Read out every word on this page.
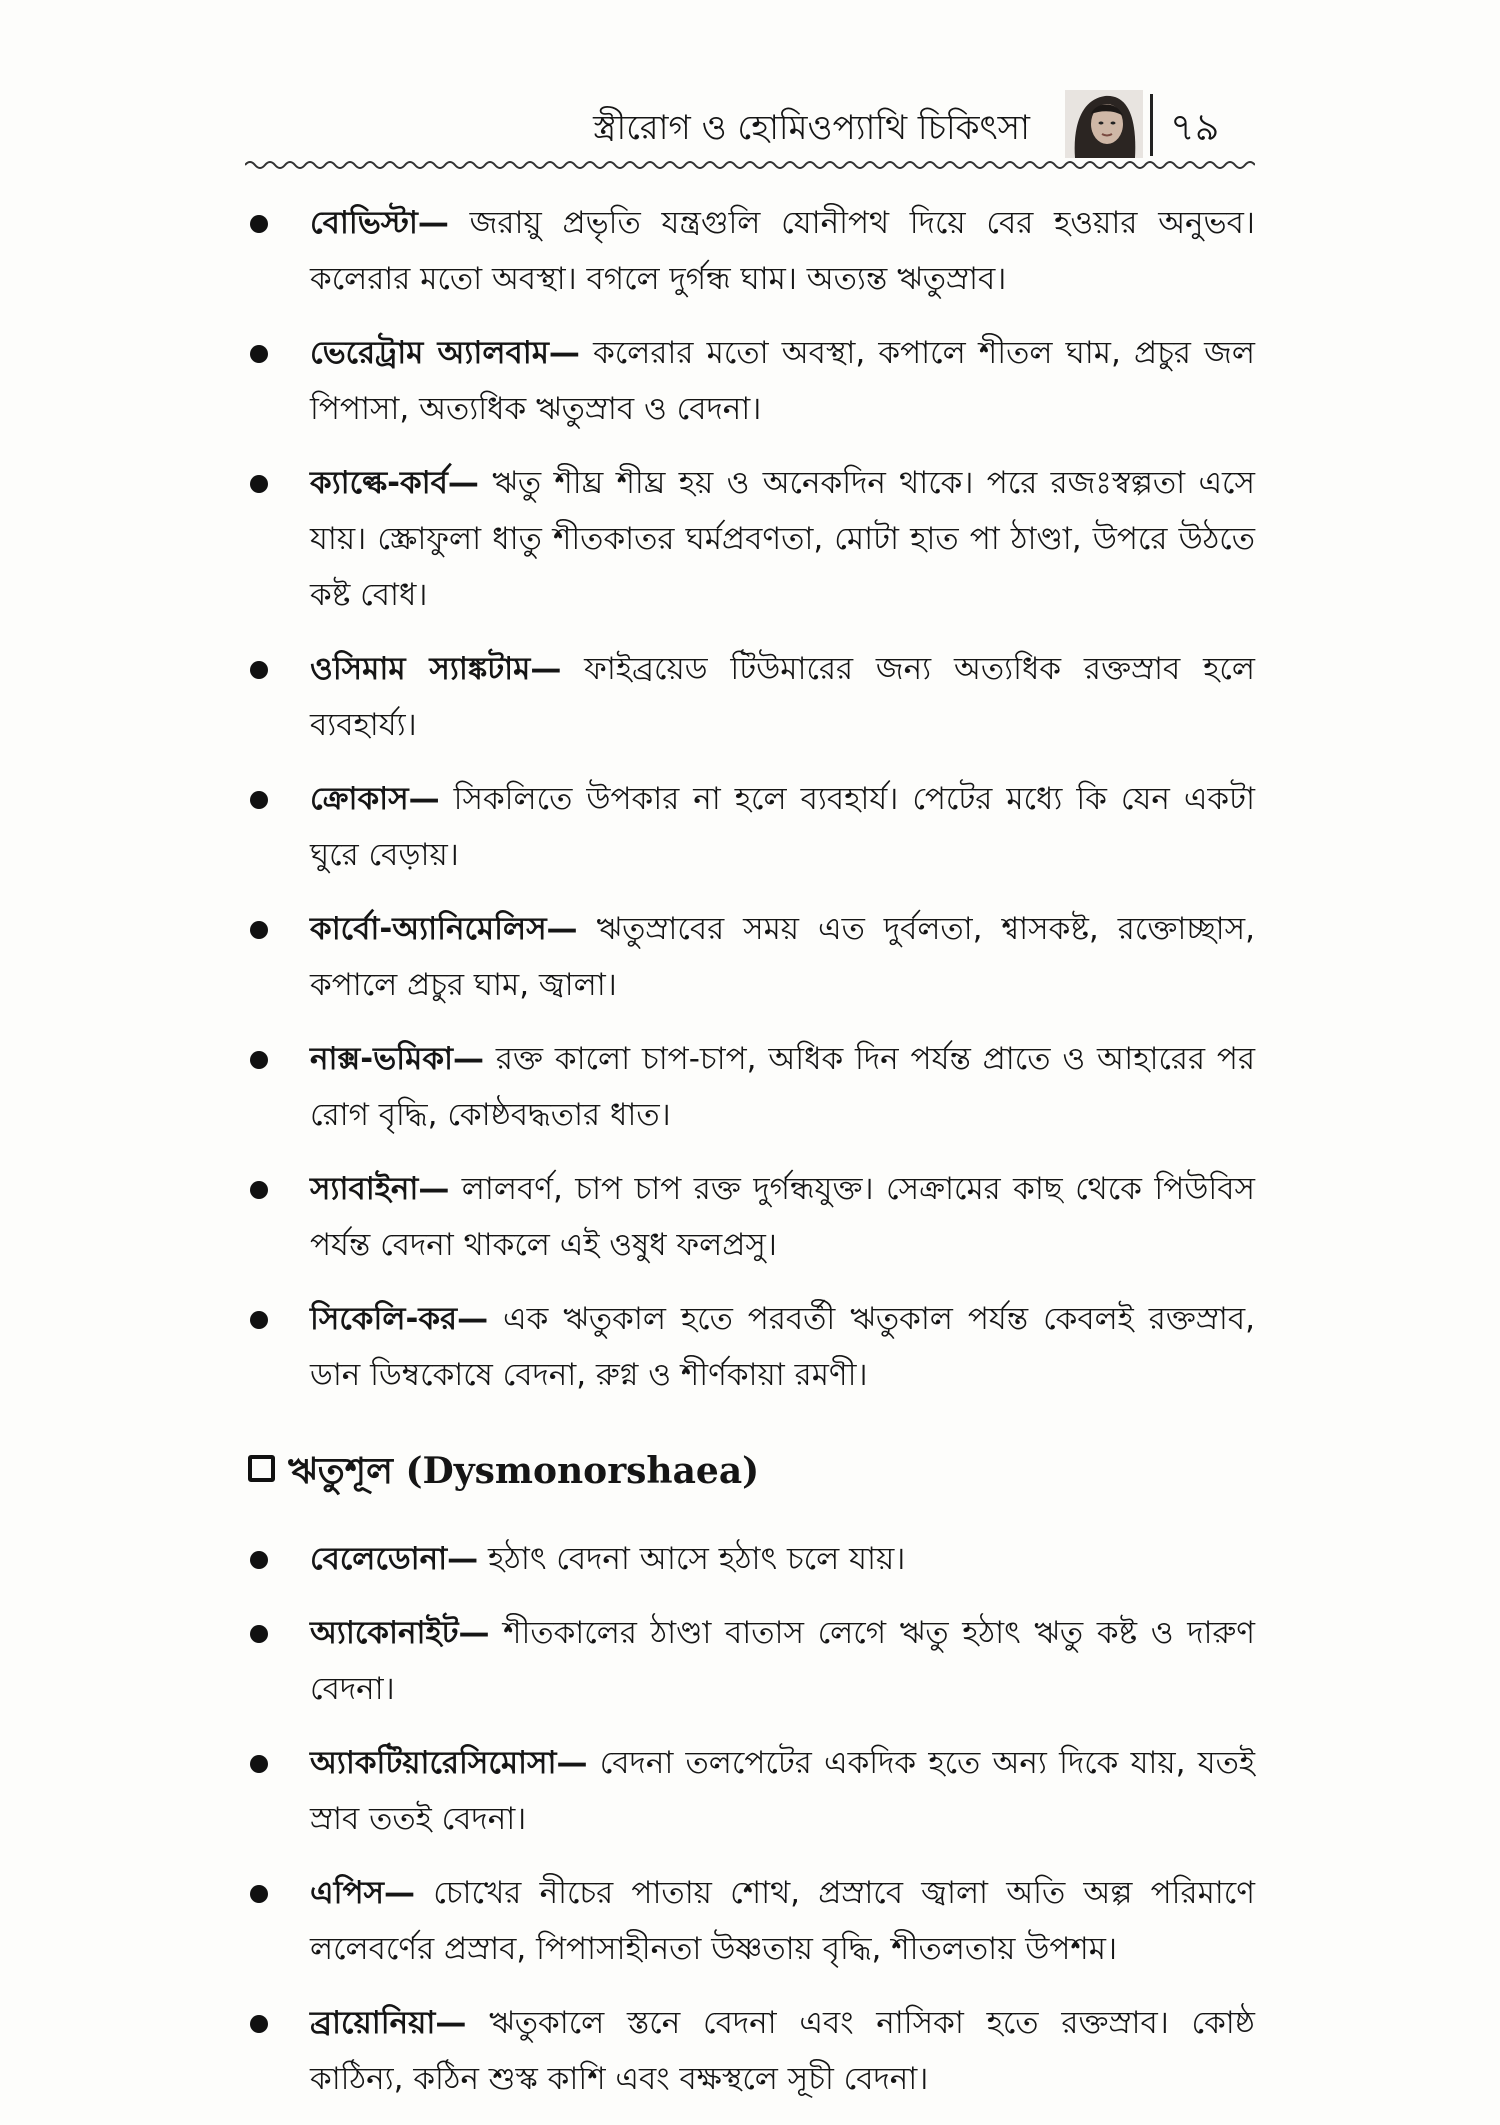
স্ত্রীরোগ ও হোমিওপ্যাথি চিকিৎসা	৭৯
বোভিস্টা— জরায়ু প্রভৃতি যন্ত্রগুলি যোনীপথ দিয়ে বের হওয়ার অনুভব। কলেরার মতো অবস্থা। বগলে দুর্গন্ধ ঘাম। অত্যন্ত ঋতুস্রাব।
ভেরেট্রাম অ্যালবাম— কলেরার মতো অবস্থা, কপালে শীতল ঘাম, প্রচুর জল পিপাসা, অত্যধিক ঋতুস্রাব ও বেদনা।
ক্যাল্কে-কার্ব— ঋতু শীঘ্র শীঘ্র হয় ও অনেকদিন থাকে। পরে রজঃস্বল্পতা এসে যায়। স্ক্রোফুলা ধাতু শীতকাতর ঘর্মপ্রবণতা, মোটা হাত পা ঠাণ্ডা, উপরে উঠতে কষ্ট বোধ।
ওসিমাম স্যাঙ্কটাম— ফাইব্রয়েড টিউমারের জন্য অত্যধিক রক্তস্রাব হলে ব্যবহার্য্য।
ক্রোকাস— সিকলিতে উপকার না হলে ব্যবহার্য। পেটের মধ্যে কি যেন একটা ঘুরে বেড়ায়।
কার্বো-অ্যানিমেলিস— ঋতুস্রাবের সময় এত দুর্বলতা, শ্বাসকষ্ট, রক্তোচ্ছাস, কপালে প্রচুর ঘাম, জ্বালা।
নাক্স-ভমিকা— রক্ত কালো চাপ-চাপ, অধিক দিন পর্যন্ত প্রাতে ও আহারের পর রোগ বৃদ্ধি, কোষ্ঠবদ্ধতার ধাত।
স্যাবাইনা— লালবর্ণ, চাপ চাপ রক্ত দুর্গন্ধযুক্ত। সেক্রামের কাছ থেকে পিউবিস পর্যন্ত বেদনা থাকলে এই ওষুধ ফলপ্রসু।
সিকেলি-কর— এক ঋতুকাল হতে পরবর্তী ঋতুকাল পর্যন্ত কেবলই রক্তস্রাব, ডান ডিম্বকোষে বেদনা, রুগ্ন ও শীর্ণকায়া রমণী।
ঋতুশূল (Dysmonorshaea)
বেলেডোনা— হঠাৎ বেদনা আসে হঠাৎ চলে যায়।
অ্যাকোনাইট— শীতকালের ঠাণ্ডা বাতাস লেগে ঋতু হঠাৎ ঋতু কষ্ট ও দারুণ বেদনা।
অ্যাকটিয়ারেসিমোসা— বেদনা তলপেটের একদিক হতে অন্য দিকে যায়, যতই স্রাব ততই বেদনা।
এপিস— চোখের নীচের পাতায় শোথ, প্রস্রাবে জ্বালা অতি অল্প পরিমাণে ললেবর্ণের প্রস্রাব, পিপাসাহীনতা উষ্ণতায় বৃদ্ধি, শীতলতায় উপশম।
ব্রায়োনিয়া— ঋতুকালে স্তনে বেদনা এবং নাসিকা হতে রক্তস্রাব। কোষ্ঠ কাঠিন্য, কঠিন শুস্ক কাশি এবং বক্ষস্থলে সূচী বেদনা।
